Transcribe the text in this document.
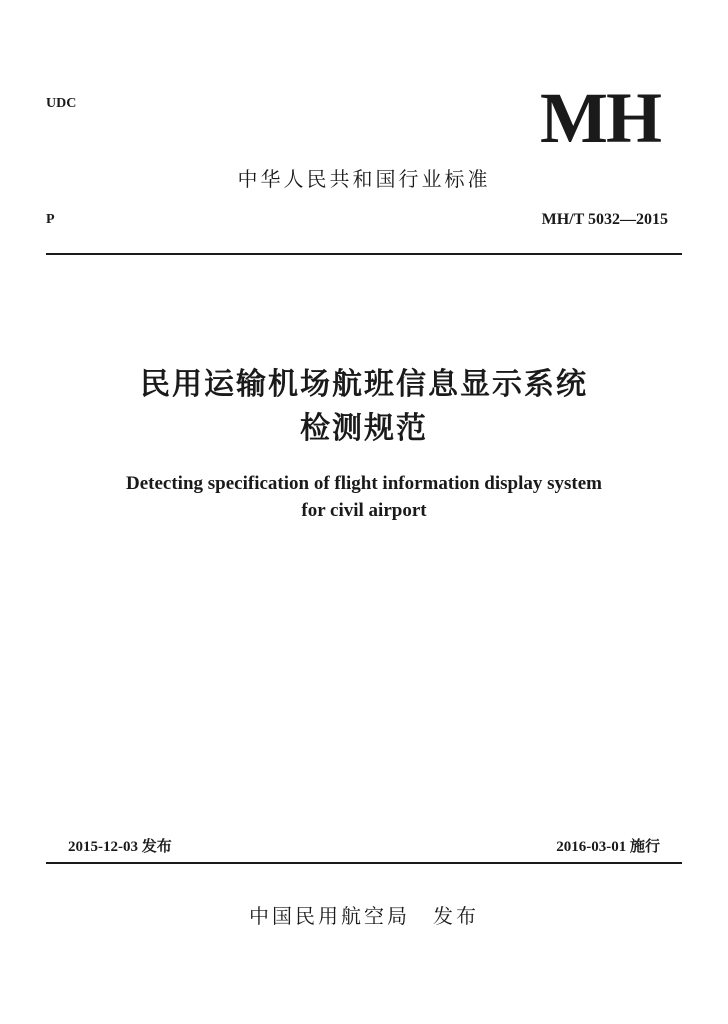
UDC	MH
中华人民共和国行业标准
P	MH/T 5032—2015
民用运输机场航班信息显示系统
检测规范
Detecting specification of flight information display system
for civil airport
2015-12-03 发布	2016-03-01 施行
中国民用航空局　发布
